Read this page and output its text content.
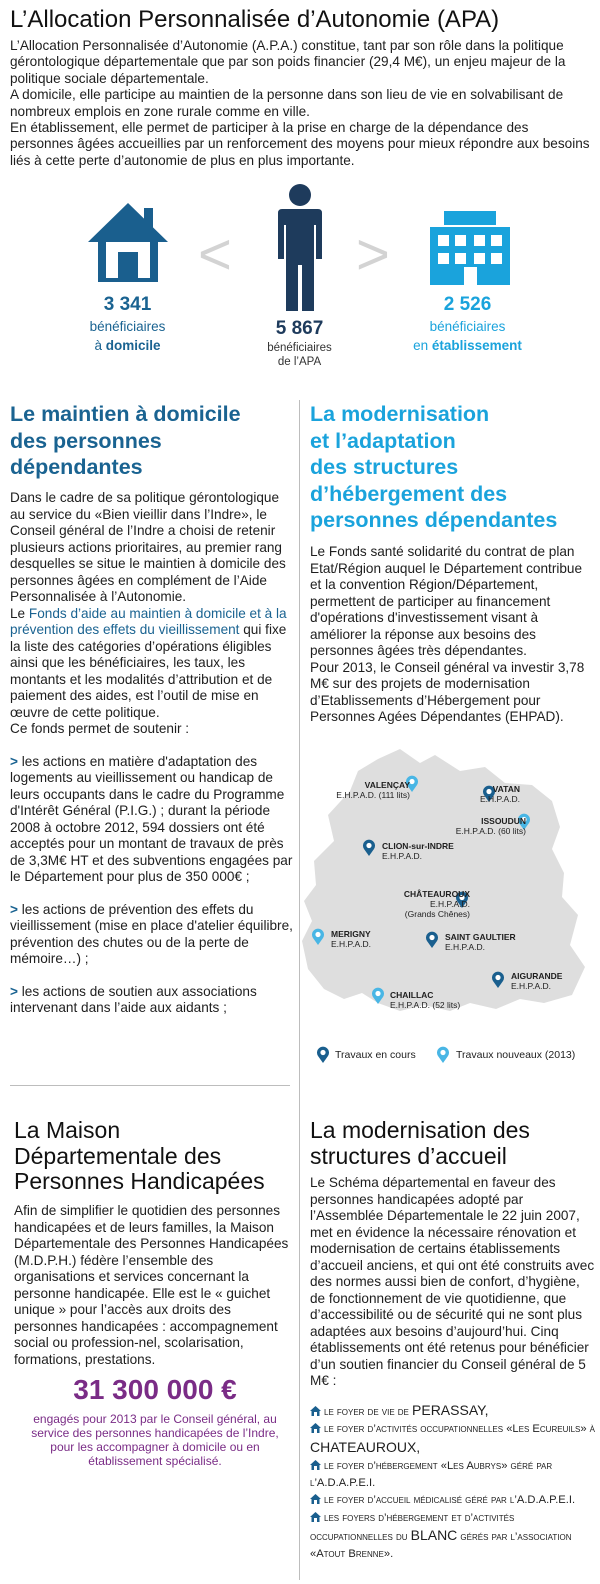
L’Allocation Personnalisée d’Autonomie (APA)

L’Allocation Personnalisée d’Autonomie (A.P.A.) constitue, tant par son rôle dans la politique gérontologique départementale que par son poids financier (29,4 M€), un enjeu majeur de la politique sociale départementale.

A domicile, elle participe au maintien de la personne dans son lieu de vie en solvabilisant de nombreux emplois en zone rurale comme en ville.

En établissement, elle permet de participer à la prise en charge de la dépendance des personnes âgées accueillies par un renforcement des moyens pour mieux répondre aux besoins liés à cette perte d’autonomie de plus en plus importante.

< >
3 341
bénéficiaires
à domicile
5 867
bénéficiaires
de l’APA
2 526
bénéficiaires
en établissement
Le maintien à domicile
des personnes
dépendantes

Dans le cadre de sa politique gérontologique au service du «Bien vieillir dans l’Indre», le Conseil général de l’Indre a choisi de retenir plusieurs actions prioritaires, au premier rang desquelles se situe le maintien à domicile des personnes âgées en complément de l’Aide Personnalisée à l’Autonomie.

Le Fonds d’aide au maintien à domicile et à la prévention des effets du vieillissement qui fixe la liste des catégories d’opérations éligibles ainsi que les bénéficiaires, les taux, les montants et les modalités d’attribution et de paiement des aides, est l’outil de mise en œuvre de cette politique.

Ce fonds permet de soutenir :

> les actions en matière d'adaptation des logements au vieillissement ou handicap de leurs occupants dans le cadre du Programme d'Intérêt Général (P.I.G.) ; durant la période 2008 à octobre 2012, 594 dossiers ont été acceptés pour un montant de travaux de près de 3,3M€ HT et des subventions engagées par le Département pour plus de 350 000€ ;

> les actions de prévention des effets du vieillissement (mise en place d'atelier équilibre, prévention des chutes ou de la perte de mémoire…) ;

> les actions de soutien aux associations intervenant dans l’aide aux aidants ;

La modernisation
et l’adaptation
des structures
d’hébergement des
personnes dépendantes

Le Fonds santé solidarité du contrat de plan Etat/Région auquel le Département contribue et la convention Région/Département, permettent de participer au financement d'opérations d'investissement visant à améliorer la réponse aux besoins des personnes âgées très dépendantes.

Pour 2013, le Conseil général va investir 3,78 M€ sur des projets de modernisation d’Etablissements d’Hébergement pour Personnes Agées Dépendantes (EHPAD).

VALENÇAY
E.H.P.A.D. (111 lits)
VATAN
E.H.P.A.D.
ISSOUDUN
E.H.P.A.D. (60 lits)
CLION-sur-INDRE
E.H.P.A.D.
CHÂTEAUROUX
E.H.P.A.D.
(Grands Chênes)
MERIGNY
E.H.P.A.D.
SAINT GAULTIER
E.H.P.A.D.
AIGURANDE
E.H.P.A.D.
CHAILLAC
E.H.P.A.D. (52 lits)
Travaux en cours	Travaux nouveaux (2013)
La Maison
Départementale des
Personnes Handicapées
Afin de simplifier le quotidien des personnes handicapées et de leurs familles, la Maison Départementale des Personnes Handicapées (M.D.P.H.) fédère l’ensemble des organisations et services concernant la personne handicapée. Elle est le « guichet unique » pour l’accès aux droits des personnes handicapées : accompagnement social ou profession-nel, scolarisation, formations, prestations.
31 300 000 €
engagés pour 2013 par le Conseil général, au service des personnes handicapées de l’Indre, pour les accompagner à domicile ou en établissement spécialisé.
La modernisation des
structures d’accueil
Le Schéma départemental en faveur des personnes handicapées adopté par l’Assemblée Départementale le 22 juin 2007, met en évidence la nécessaire rénovation et modernisation de certains établissements d’accueil anciens, et qui ont été construits avec des normes aussi bien de confort, d’hygiène, de fonctionnement de vie quotidienne, que d’accessibilité ou de sécurité qui ne sont plus adaptées aux besoins d’aujourd’hui. Cinq établissements ont été retenus pour bénéficier d’un soutien financier du Conseil général de 5 M€ :
le foyer de vie de PERASSAY,
le foyer d’activités occupationnelles «Les Ecureuils» à CHATEAUROUX,
le foyer d’hébergement «Les Aubrys» géré par l’A.D.A.P.E.I.
le foyer d’accueil médicalisé géré par l’A.D.A.P.E.I.
les foyers d’hébergement et d’activités occupationnelles du BLANC gérés par l’association «Atout Brenne».
